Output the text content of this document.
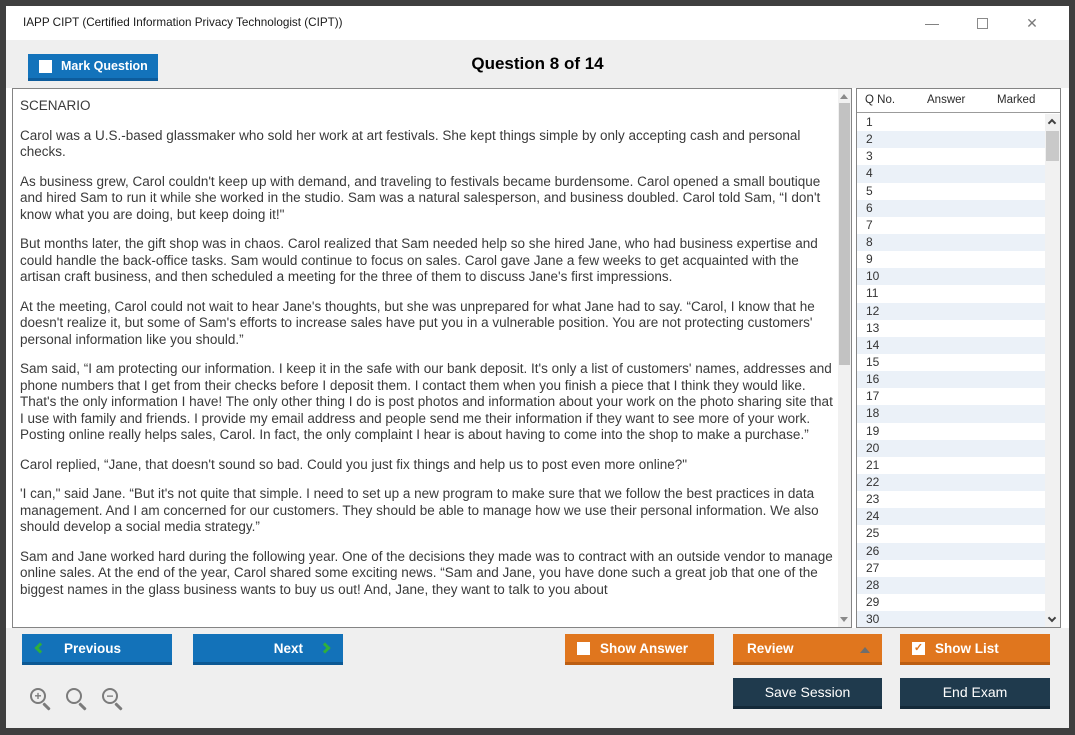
IAPP CIPT (Certified Information Privacy Technologist (CIPT))	—	✕
Mark Question	Question 8 of 14
SCENARIO

Carol was a U.S.-based glassmaker who sold her work at art festivals. She kept things simple by only accepting cash and personal checks.

As business grew, Carol couldn't keep up with demand, and traveling to festivals became burdensome. Carol opened a small boutique and hired Sam to run it while she worked in the studio. Sam was a natural salesperson, and business doubled. Carol told Sam, “I don't know what you are doing, but keep doing it!"

But months later, the gift shop was in chaos. Carol realized that Sam needed help so she hired Jane, who had business expertise and could handle the back-office tasks. Sam would continue to focus on sales. Carol gave Jane a few weeks to get acquainted with the artisan craft business, and then scheduled a meeting for the three of them to discuss Jane's first impressions.

At the meeting, Carol could not wait to hear Jane's thoughts, but she was unprepared for what Jane had to say. “Carol, I know that he doesn't realize it, but some of Sam's efforts to increase sales have put you in a vulnerable position. You are not protecting customers' personal information like you should.”

Sam said, “I am protecting our information. I keep it in the safe with our bank deposit. It's only a list of customers' names, addresses and phone numbers that I get from their checks before I deposit them. I contact them when you finish a piece that I think they would like. That's the only information I have! The only other thing I do is post photos and information about your work on the photo sharing site that I use with family and friends. I provide my email address and people send me their information if they want to see more of your work. Posting online really helps sales, Carol. In fact, the only complaint I hear is about having to come into the shop to make a purchase.”

Carol replied, “Jane, that doesn't sound so bad. Could you just fix things and help us to post even more online?"

'I can," said Jane. “But it's not quite that simple. I need to set up a new program to make sure that we follow the best practices in data management. And I am concerned for our customers. They should be able to manage how we use their personal information. We also should develop a social media strategy.”

Sam and Jane worked hard during the following year. One of the decisions they made was to contract with an outside vendor to manage online sales. At the end of the year, Carol shared some exciting news. “Sam and Jane, you have done such a great job that one of the biggest names in the glass business wants to buy us out! And, Jane, they want to talk to you about

Q No.	Answer	Marked
1
2
3
4
5
6
7
8
9
10
11
12
13
14
15
16
17
18
19
20
21
22
23
24
25
26
27
28
29
30
Previous	Next	Show Answer	Review	✓ Show List
Save Session	End Exam
+	−
